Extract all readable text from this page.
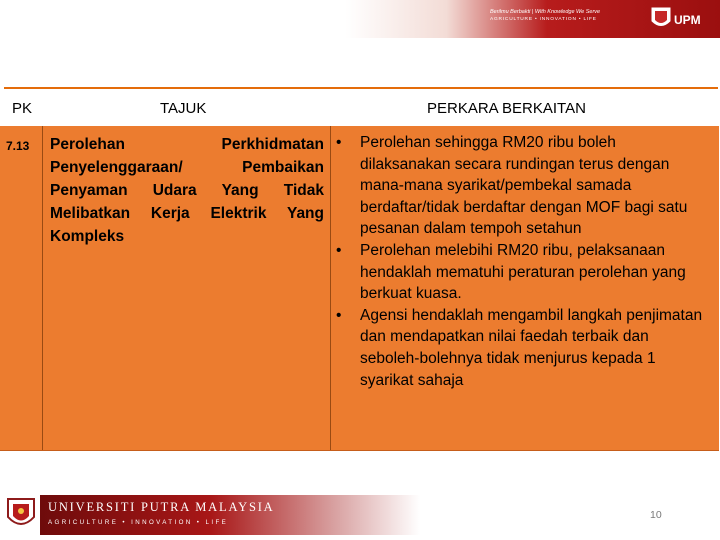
Berilmu Berbakti | With Knowledge We Serve
AGRICULTURE • INNOVATION • LIFE	UPM
PK	TAJUK	PERKARA BERKAITAN
7.13 Perolehan Perkhidmatan Penyelenggaraan/ Pembaikan Penyaman Udara Yang Tidak Melibatkan Kerja Elektrik Yang Kompleks
•	Perolehan sehingga RM20 ribu boleh dilaksanakan secara rundingan terus dengan mana-mana syarikat/pembekal samada berdaftar/tidak berdaftar dengan MOF bagi satu pesanan dalam tempoh setahun
•	Perolehan melebihi RM20 ribu, pelaksanaan hendaklah mematuhi peraturan perolehan yang berkuat kuasa.
•	Agensi hendaklah mengambil langkah penjimatan dan mendapatkan nilai faedah terbaik dan seboleh-bolehnya tidak menjurus kepada 1 syarikat sahaja
UNIVERSITI PUTRA MALAYSIA
AGRICULTURE • INNOVATION • LIFE
10
